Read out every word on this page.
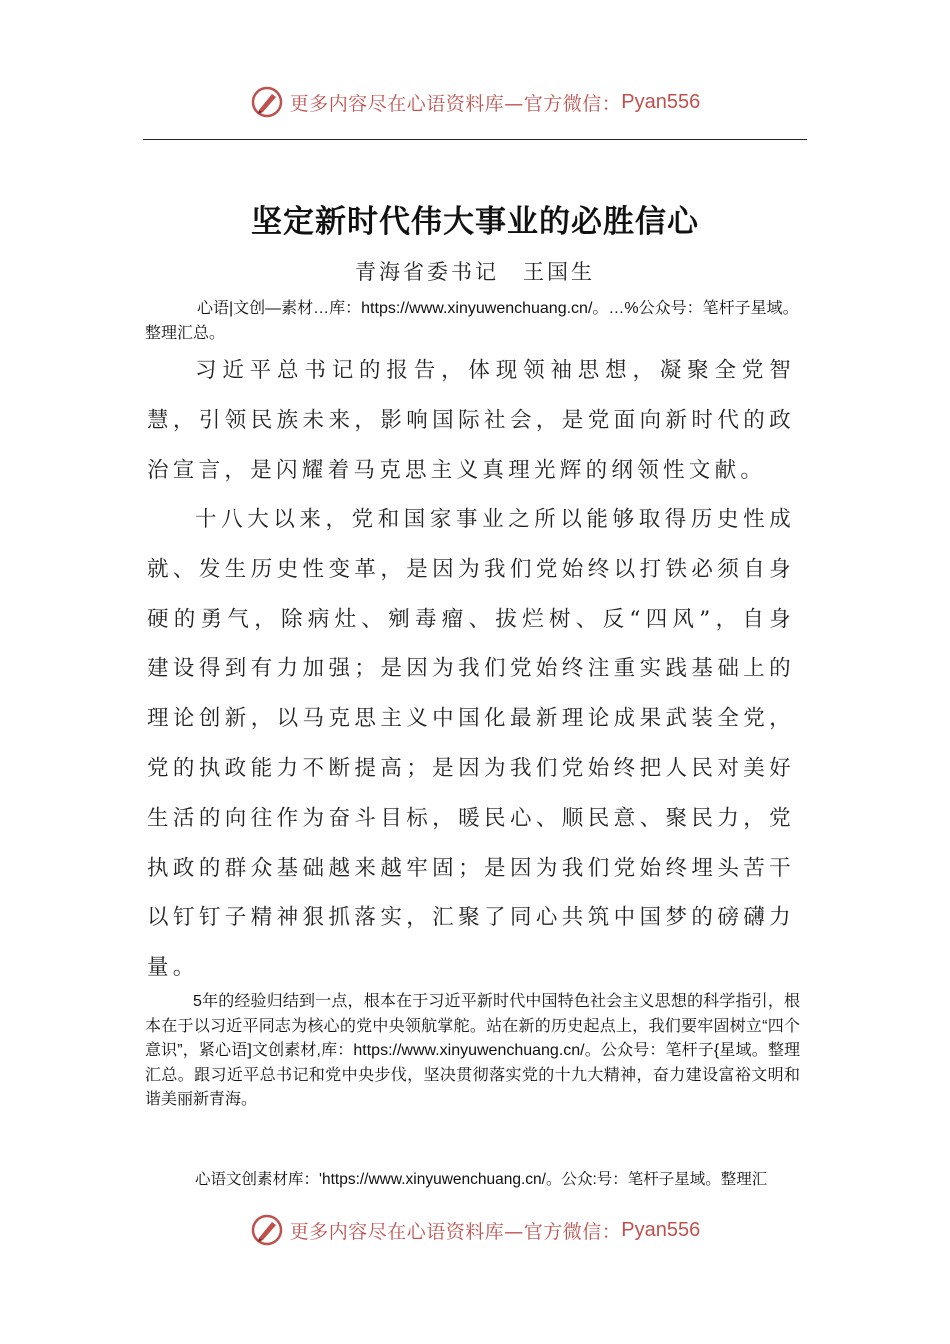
更多内容尽在心语资料库—官方微信： Pyan556
坚定新时代伟大事业的必胜信心
青海省委书记　王国生
心语|文创—素材…库：https://www.xinyuwenchuang.cn/。…%公众号：笔杆子星域。整理汇总。
习近平总书记的报告，体现领袖思想，凝聚全党智慧，引领民族未来，影响国际社会，是党面向新时代的政治宣言，是闪耀着马克思主义真理光辉的纲领性文献。
十八大以来，党和国家事业之所以能够取得历史性成就、发生历史性变革，是因为我们党始终以打铁必须自身硬的勇气，除病灶、剜毒瘤、拔烂树、反“四风”，自身建设得到有力加强；是因为我们党始终注重实践基础上的理论创新，以马克思主义中国化最新理论成果武装全党，党的执政能力不断提高；是因为我们党始终把人民对美好生活的向往作为奋斗目标，暖民心、顺民意、聚民力，党执政的群众基础越来越牢固；是因为我们党始终埋头苦干以钉钉子精神狠抓落实，汇聚了同心共筑中国梦的磅礴力量。
5年的经验归结到一点，根本在于习近平新时代中国特色社会主义思想的科学指引，根本在于以习近平同志为核心的党中央领航掌舵。站在新的历史起点上，我们要牢固树立“四个意识”，紧心语]文创素材,库：https://www.xinyuwenchuang.cn/。公众号：笔杆子{星域。整理汇总。跟习近平总书记和党中央步伐，坚决贯彻落实党的十九大精神，奋力建设富裕文明和谐美丽新青海。
心语文创素材库：'https://www.xinyuwenchuang.cn/。公众:号：笔杆子星域。整理汇
更多内容尽在心语资料库—官方微信： Pyan556
